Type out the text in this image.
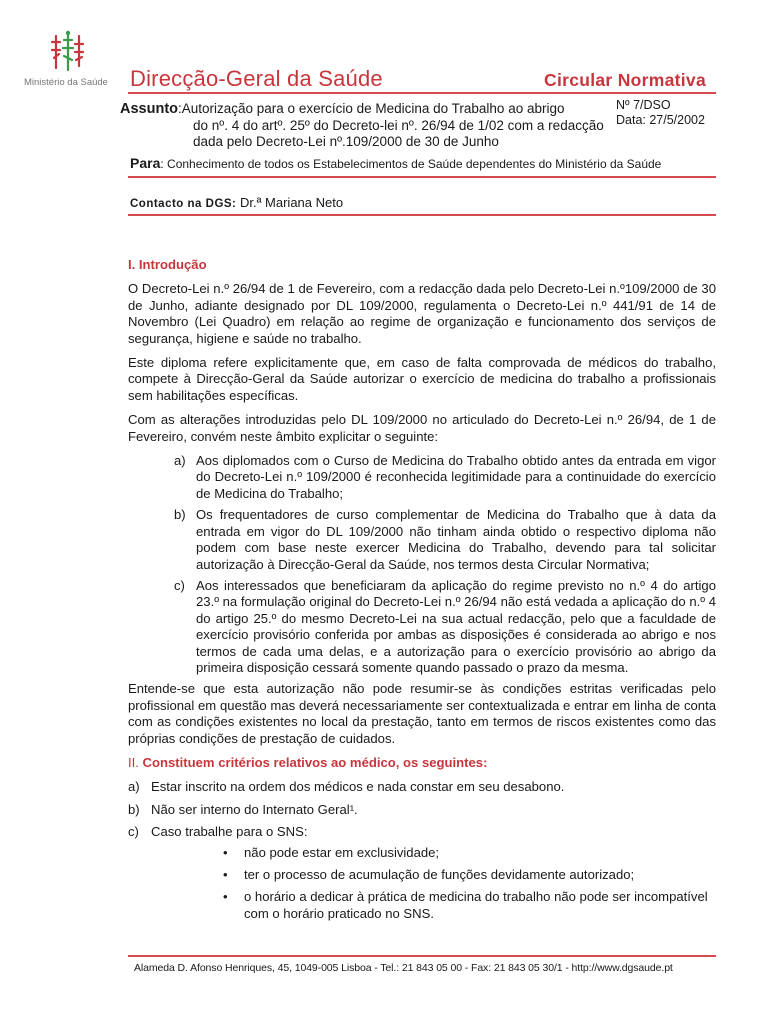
Ministério da Saúde Direcção-Geral da Saúde	Circular Normativa
Assunto:Autorização para o exercício de Medicina do Trabalho ao abrigo
do nº. 4 do artº. 25º do Decreto-lei nº. 26/94 de 1/02 com a redacção
dada pelo Decreto-Lei nº.109/2000 de 30 de Junho
Nº 7/DSO
Data: 27/5/2002
Para: Conhecimento de todos os Estabelecimentos de Saúde dependentes do Ministério da Saúde
Contacto na DGS: Dr.ª Mariana Neto
I. Introdução

O Decreto-Lei n.º 26/94 de 1 de Fevereiro, com a redacção dada pelo Decreto-Lei n.º109/2000 de 30 de Junho, adiante designado por DL 109/2000, regulamenta o Decreto-Lei n.º 441/91 de 14 de Novembro (Lei Quadro) em relação ao regime de organização e funcionamento dos serviços de segurança, higiene e saúde no trabalho.

Este diploma refere explicitamente que, em caso de falta comprovada de médicos do trabalho, compete à Direcção-Geral da Saúde autorizar o exercício de medicina do trabalho a profissionais sem habilitações específicas.

Com as alterações introduzidas pelo DL 109/2000 no articulado do Decreto-Lei n.º 26/94, de 1 de Fevereiro, convém neste âmbito explicitar o seguinte:

a) Aos diplomados com o Curso de Medicina do Trabalho obtido antes da entrada em vigor do Decreto-Lei n.º 109/2000 é reconhecida legitimidade para a continuidade do exercício de Medicina do Trabalho;
b) Os frequentadores de curso complementar de Medicina do Trabalho que à data da entrada em vigor do DL 109/2000 não tinham ainda obtido o respectivo diploma não podem com base neste exercer Medicina do Trabalho, devendo para tal solicitar autorização à Direcção-Geral da Saúde, nos termos desta Circular Normativa;
c) Aos interessados que beneficiaram da aplicação do regime previsto no n.º 4 do artigo 23.º na formulação original do Decreto-Lei n.º 26/94 não está vedada a aplicação do n.º 4 do artigo 25.º do mesmo Decreto-Lei na sua actual redacção, pelo que a faculdade de exercício provisório conferida por ambas as disposições é considerada ao abrigo e nos termos de cada uma delas, e a autorização para o exercício provisório ao abrigo da primeira disposição cessará somente quando passado o prazo da mesma.

Entende-se que esta autorização não pode resumir-se às condições estritas verificadas pelo profissional em questão mas deverá necessariamente ser contextualizada e entrar em linha de conta com as condições existentes no local da prestação, tanto em termos de riscos existentes como das próprias condições de prestação de cuidados.

II. Constituem critérios relativos ao médico, os seguintes:
a) Estar inscrito na ordem dos médicos e nada constar em seu desabono.
b) Não ser interno do Internato Geral¹.
c) Caso trabalhe para o SNS:
• não pode estar em exclusividade;
• ter o processo de acumulação de funções devidamente autorizado;
• o horário a dedicar à prática de medicina do trabalho não pode ser incompatível com o horário praticado no SNS.
Alameda D. Afonso Henriques, 45, 1049-005 Lisboa - Tel.: 21 843 05 00 - Fax: 21 843 05 30/1 - http://www.dgsaude.pt
